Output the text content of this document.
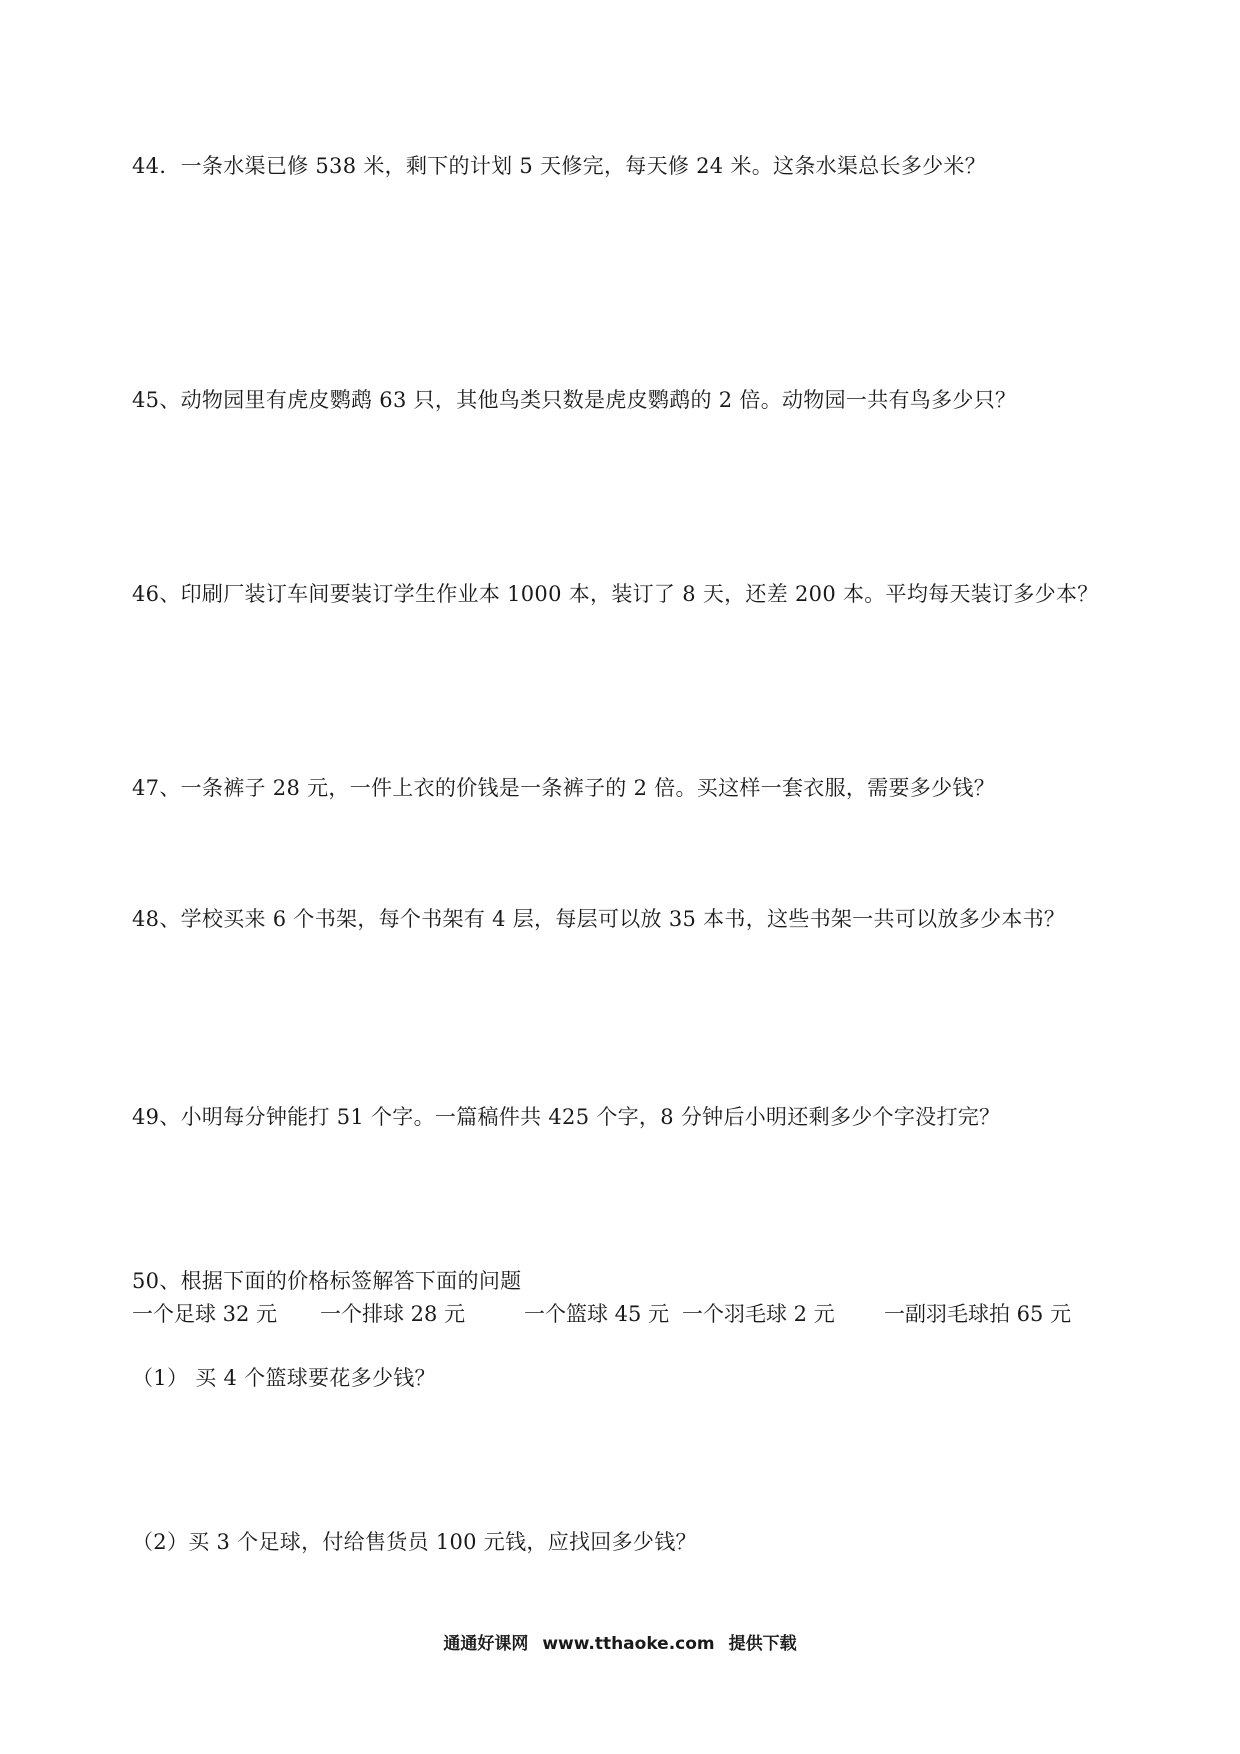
44．一条水渠已修 538 米，剩下的计划 5 天修完，每天修 24 米。这条水渠总长多少米？
45、动物园里有虎皮鹦鹉 63 只，其他鸟类只数是虎皮鹦鹉的 2 倍。动物园一共有鸟多少只？
46、印刷厂装订车间要装订学生作业本 1000 本，装订了 8 天，还差 200 本。平均每天装订多少本？
47、一条裤子 28 元，一件上衣的价钱是一条裤子的 2 倍。买这样一套衣服，需要多少钱？
48、学校买来 6 个书架，每个书架有 4 层，每层可以放 35 本书，这些书架一共可以放多少本书？
49、小明每分钟能打 51 个字。一篇稿件共 425 个字，8 分钟后小明还剩多少个字没打完？
50、根据下面的价格标签解答下面的问题
一个足球 32 元 一个排球 28 元	一个篮球 45 元 一个羽毛球 2 元 一副羽毛球拍 65 元
（1） 买 4 个篮球要花多少钱？
（2）买 3 个足球，付给售货员 100 元钱，应找回多少钱？
通通好课网 www.tthaoke.com 提供下载
